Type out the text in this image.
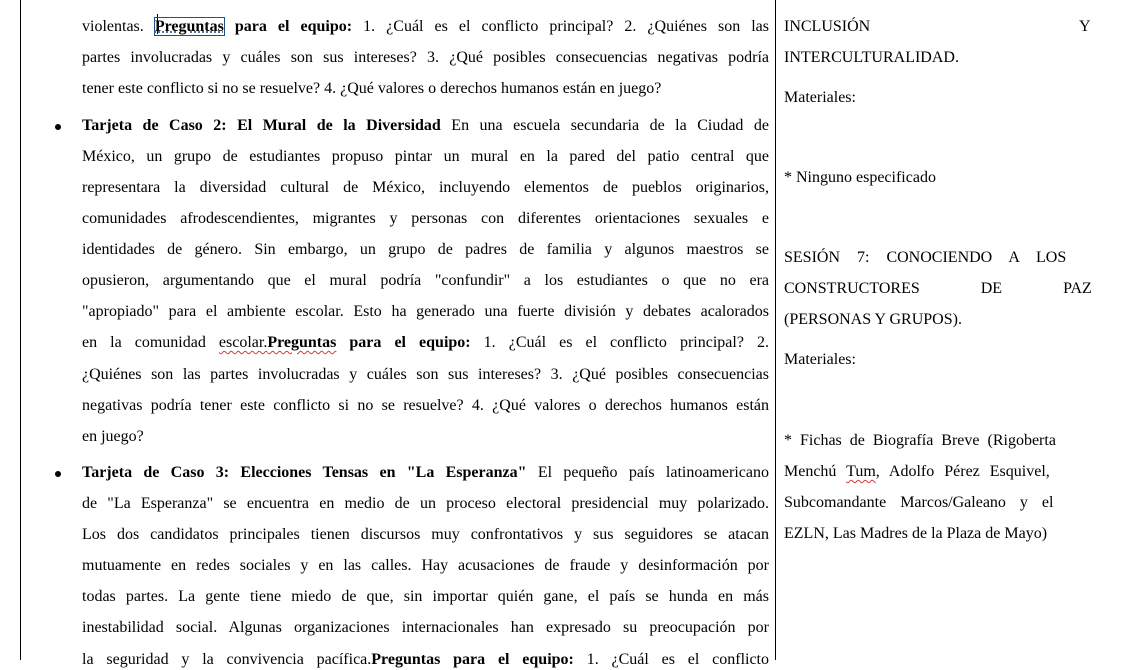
violentas. Preguntas para el equipo: 1. ¿Cuál es el conflicto principal? 2. ¿Quiénes son las
partes involucradas y cuáles son sus intereses? 3. ¿Qué posibles consecuencias negativas podría
tener este conflicto si no se resuelve? 4. ¿Qué valores o derechos humanos están en juego?
Tarjeta de Caso 2: El Mural de la Diversidad En una escuela secundaria de la Ciudad de
México, un grupo de estudiantes propuso pintar un mural en la pared del patio central que
representara la diversidad cultural de México, incluyendo elementos de pueblos originarios,
comunidades afrodescendientes, migrantes y personas con diferentes orientaciones sexuales e
identidades de género. Sin embargo, un grupo de padres de familia y algunos maestros se
opusieron, argumentando que el mural podría "confundir" a los estudiantes o que no era
"apropiado" para el ambiente escolar. Esto ha generado una fuerte división y debates acalorados
en la comunidad escolar.Preguntas para el equipo: 1. ¿Cuál es el conflicto principal? 2.
¿Quiénes son las partes involucradas y cuáles son sus intereses? 3. ¿Qué posibles consecuencias
negativas podría tener este conflicto si no se resuelve? 4. ¿Qué valores o derechos humanos están
en juego?
Tarjeta de Caso 3: Elecciones Tensas en "La Esperanza" El pequeño país latinoamericano
de "La Esperanza" se encuentra en medio de un proceso electoral presidencial muy polarizado.
Los dos candidatos principales tienen discursos muy confrontativos y sus seguidores se atacan
mutuamente en redes sociales y en las calles. Hay acusaciones de fraude y desinformación por
todas partes. La gente tiene miedo de que, sin importar quién gane, el país se hunda en más
inestabilidad social. Algunas organizaciones internacionales han expresado su preocupación por
la seguridad y la convivencia pacífica.Preguntas para el equipo: 1. ¿Cuál es el conflicto
INCLUSIÓN	Y
INTERCULTURALIDAD.
Materiales:
* Ninguno especificado
SESIÓN 7: CONOCIENDO A LOS
CONSTRUCTORES DE PAZ
(PERSONAS Y GRUPOS).
Materiales:
* Fichas de Biografía Breve (Rigoberta
Menchú Tum, Adolfo Pérez Esquivel,
Subcomandante Marcos/Galeano y el
EZLN, Las Madres de la Plaza de Mayo)
